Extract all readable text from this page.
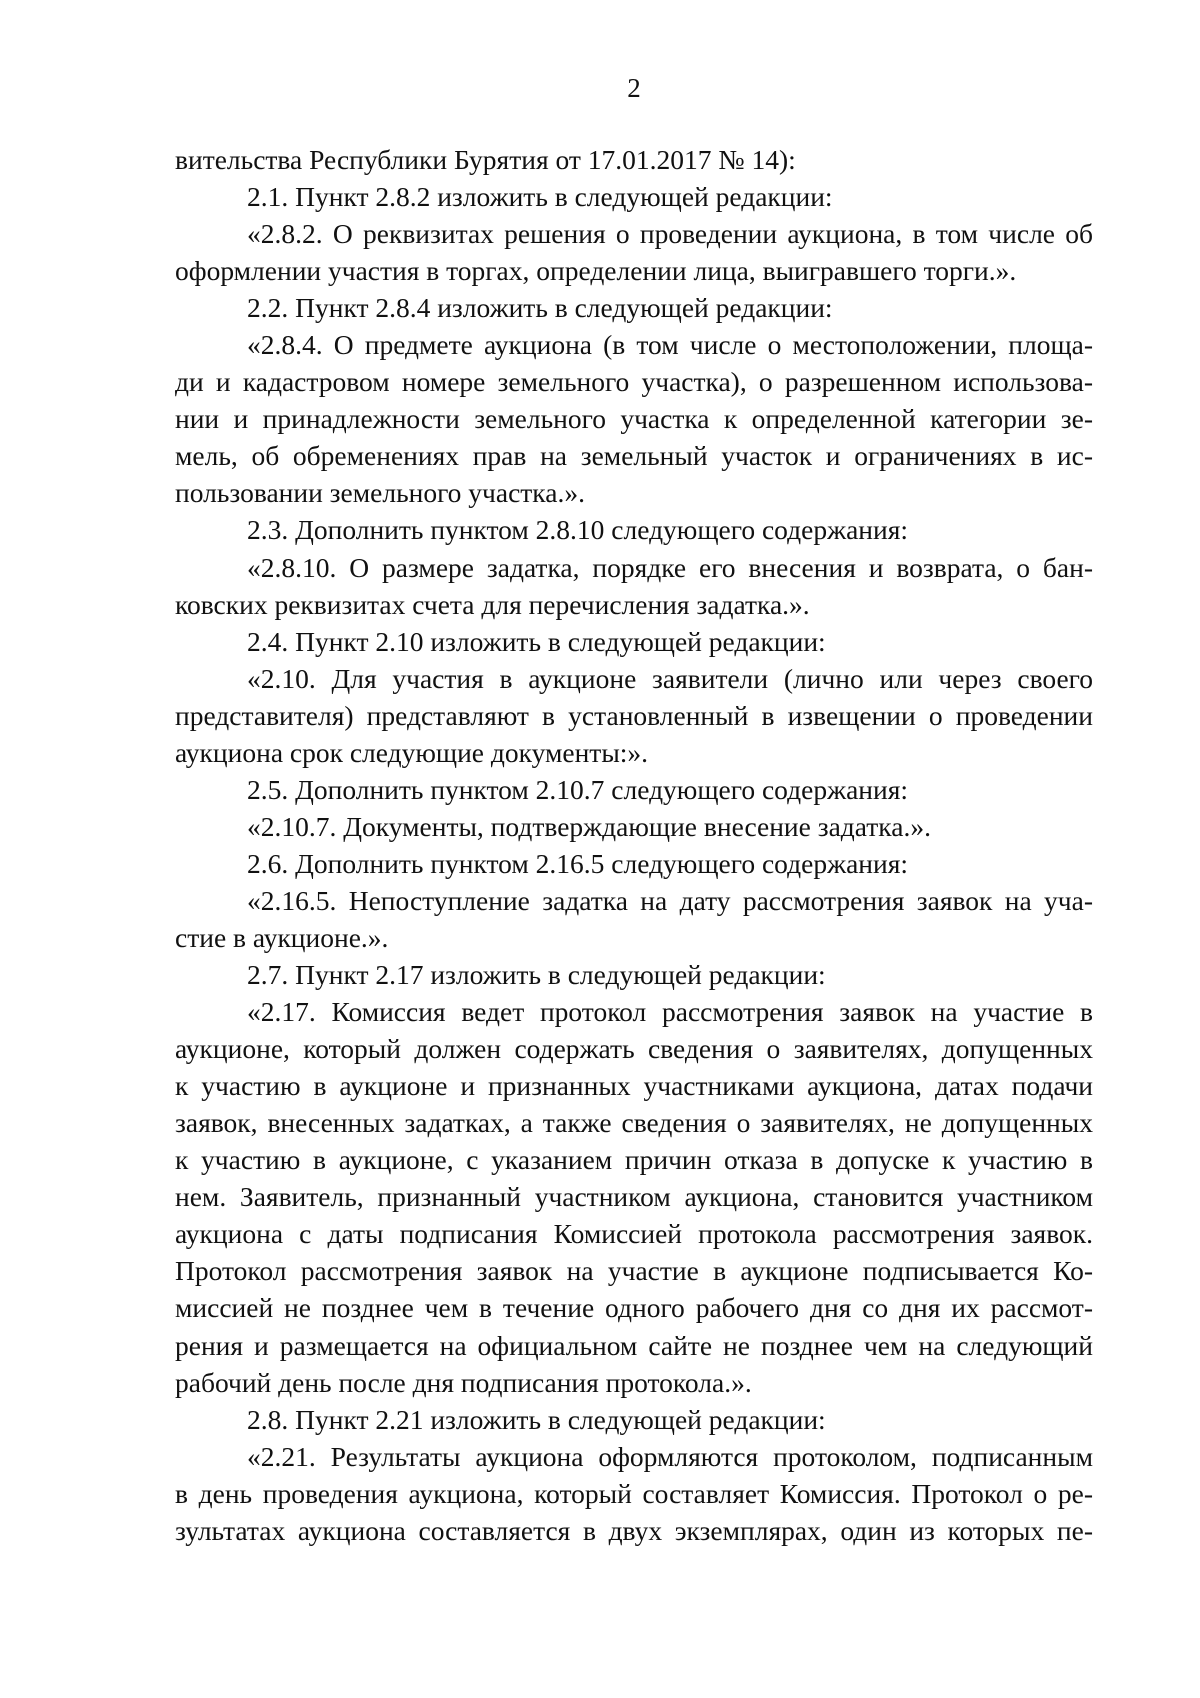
2
вительства Республики Бурятия от 17.01.2017 № 14):
2.1. Пункт 2.8.2 изложить в следующей редакции:
«2.8.2. О реквизитах решения о проведении аукциона, в том числе об
оформлении участия в торгах, определении лица, выигравшего торги.».
2.2. Пункт 2.8.4 изложить в следующей редакции:
«2.8.4. О предмете аукциона (в том числе о местоположении, площа-
ди и кадастровом номере земельного участка), о разрешенном использова-
нии и принадлежности земельного участка к определенной категории зе-
мель, об обременениях прав на земельный участок и ограничениях в ис-
пользовании земельного участка.».
2.3. Дополнить пунктом 2.8.10 следующего содержания:
«2.8.10. О размере задатка, порядке его внесения и возврата, о бан-
ковских реквизитах счета для перечисления задатка.».
2.4. Пункт 2.10 изложить в следующей редакции:
«2.10. Для участия в аукционе заявители (лично или через своего
представителя) представляют в установленный в извещении о проведении
аукциона срок следующие документы:».
2.5. Дополнить пунктом 2.10.7 следующего содержания:
«2.10.7. Документы, подтверждающие внесение задатка.».
2.6. Дополнить пунктом 2.16.5 следующего содержания:
«2.16.5. Непоступление задатка на дату рассмотрения заявок на уча-
стие в аукционе.».
2.7. Пункт 2.17 изложить в следующей редакции:
«2.17. Комиссия ведет протокол рассмотрения заявок на участие в
аукционе, который должен содержать сведения о заявителях, допущенных
к участию в аукционе и признанных участниками аукциона, датах подачи
заявок, внесенных задатках, а также сведения о заявителях, не допущенных
к участию в аукционе, с указанием причин отказа в допуске к участию в
нем. Заявитель, признанный участником аукциона, становится участником
аукциона с даты подписания Комиссией протокола рассмотрения заявок.
Протокол рассмотрения заявок на участие в аукционе подписывается Ко-
миссией не позднее чем в течение одного рабочего дня со дня их рассмот-
рения и размещается на официальном сайте не позднее чем на следующий
рабочий день после дня подписания протокола.».
2.8. Пункт 2.21 изложить в следующей редакции:
«2.21. Результаты аукциона оформляются протоколом, подписанным
в день проведения аукциона, который составляет Комиссия. Протокол о ре-
зультатах аукциона составляется в двух экземплярах, один из которых пе-
